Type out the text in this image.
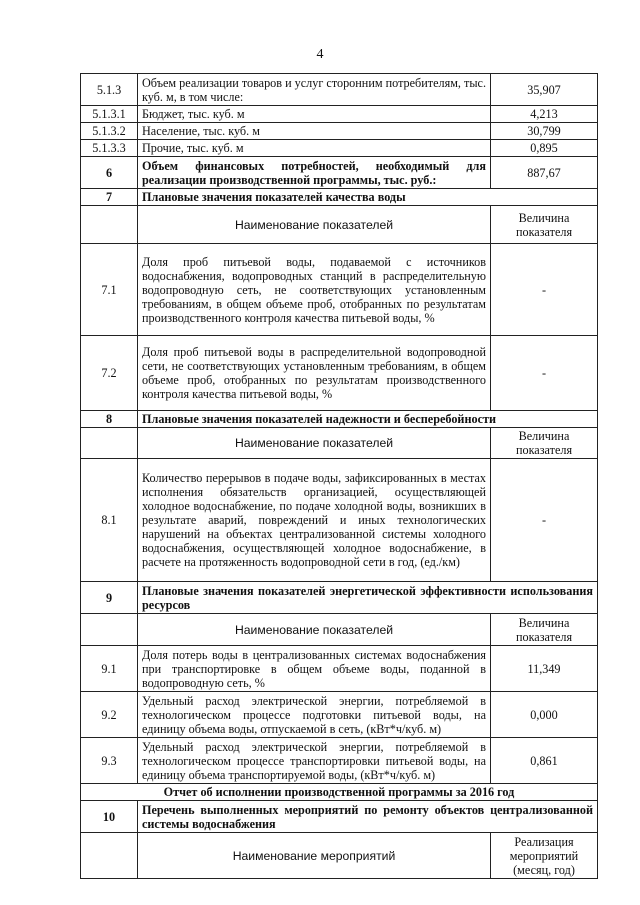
4
5.1.3	Объем реализации товаров и услуг сторонним потребителям, тыс. куб. м, в том числе:	35,907
5.1.3.1	Бюджет, тыс. куб. м	4,213
5.1.3.2	Население, тыс. куб. м	30,799
5.1.3.3	Прочие, тыс. куб. м	0,895
6	Объем финансовых потребностей, необходимый для реализации производственной программы, тыс. руб.:	887,67
7	Плановые значения показателей качества воды	
	Наименование показателей	Величина показателя
7.1	Доля проб питьевой воды, подаваемой с источников водоснабжения, водопроводных станций в распределительную водопроводную сеть, не соответствующих установленным требованиям, в общем объеме проб, отобранных по результатам производственного контроля качества питьевой воды, %	-
7.2	Доля проб питьевой воды в распределительной водопроводной сети, не соответствующих установленным требованиям, в общем объеме проб, отобранных по результатам производственного контроля качества питьевой воды, %	-
8	Плановые значения показателей надежности и бесперебойности	
	Наименование показателей	Величина показателя
8.1	Количество перерывов в подаче воды, зафиксированных в местах исполнения обязательств организацией, осуществляющей холодное водоснабжение, по подаче холодной воды, возникших в результате аварий, повреждений и иных технологических нарушений на объектах централизованной системы холодного водоснабжения, осуществляющей холодное водоснабжение, в расчете на протяженность водопроводной сети в год, (ед./км)	-
9	Плановые значения показателей энергетической эффективности использования ресурсов	
	Наименование показателей	Величина показателя
9.1	Доля потерь воды в централизованных системах водоснабжения при транспортировке в общем объеме воды, поданной в водопроводную сеть, %	11,349
9.2	Удельный расход электрической энергии, потребляемой в технологическом процессе подготовки питьевой воды, на единицу объема воды, отпускаемой в сеть, (кВт*ч/куб. м)	0,000
9.3	Удельный расход электрической энергии, потребляемой в технологическом процессе транспортировки питьевой воды, на единицу объема транспортируемой воды, (кВт*ч/куб. м)	0,861
Отчет об исполнении производственной программы за 2016 год		
10	Перечень выполненных мероприятий по ремонту объектов централизованной системы водоснабжения	
	Наименование мероприятий	Реализация мероприятий (месяц, год)
